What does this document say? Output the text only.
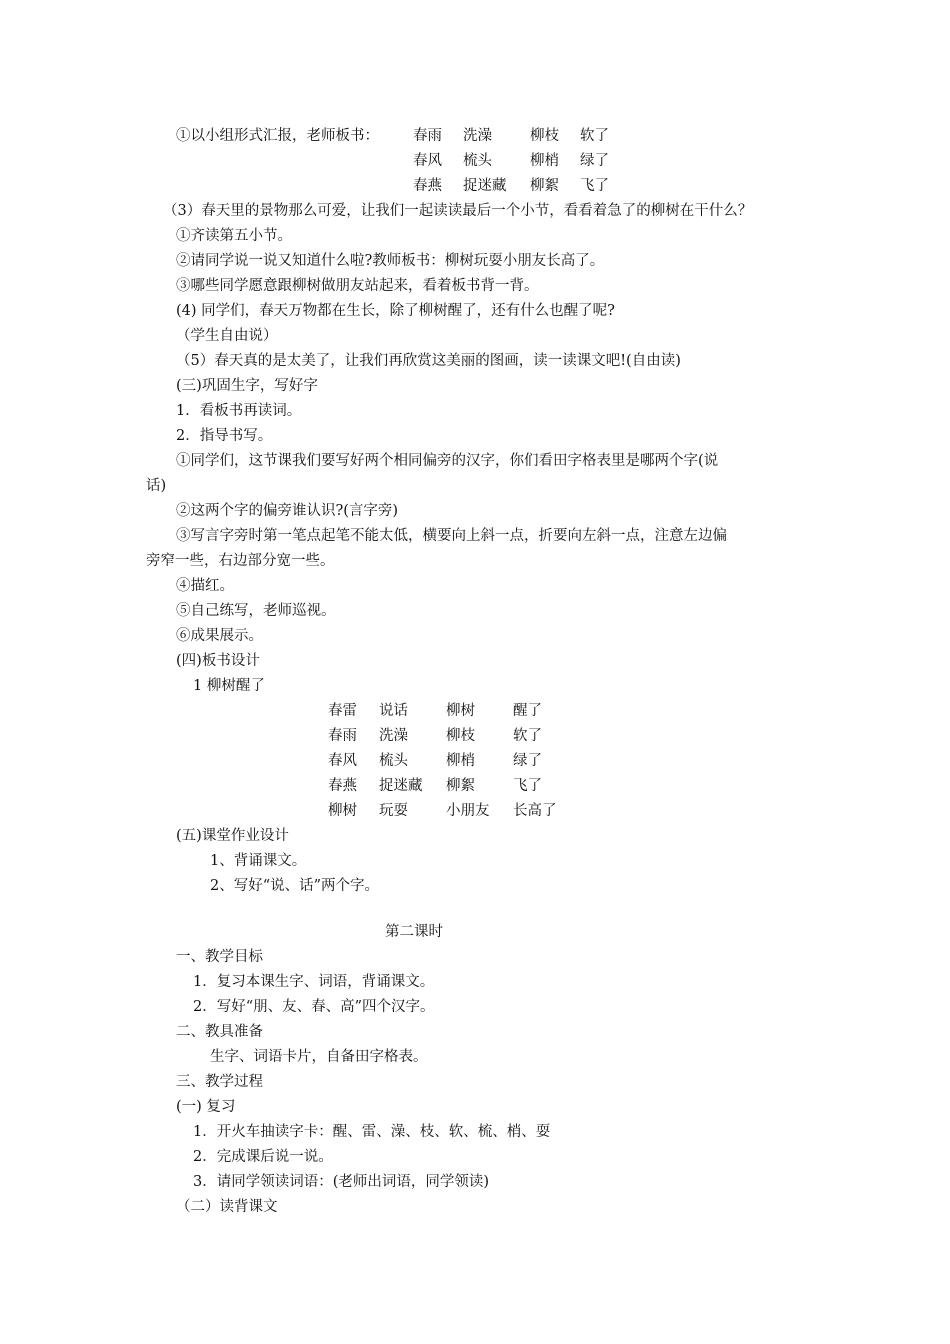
①以小组形式汇报，老师板书： 春雨 洗澡	柳枝 软了
春风 梳头	柳梢 绿了
春燕 捉迷藏 柳絮 飞了
（3）春天里的景物那么可爱，让我们一起读读最后一个小节，看看着急了的柳树在干什么？
①齐读第五小节。
②请同学说一说又知道什么啦?教师板书：柳树玩耍小朋友长高了。
③哪些同学愿意跟柳树做朋友站起来，看着板书背一背。
(4) 同学们，春天万物都在生长，除了柳树醒了，还有什么也醒了呢?
（学生自由说）
（5）春天真的是太美了，让我们再欣赏这美丽的图画，读一读课文吧!(自由读)
(三)巩固生字，写好字
1．看板书再读词。
2．指导书写。
①同学们，这节课我们要写好两个相同偏旁的汉字，你们看田字格表里是哪两个字(说
话)
②这两个字的偏旁谁认识?(言字旁)
③写言字旁时第一笔点起笔不能太低，横要向上斜一点，折要向左斜一点，注意左边偏
旁窄一些，右边部分宽一些。
④描红。
⑤自己练写，老师巡视。
⑥成果展示。
(四)板书设计
1 柳树醒了
春雷 说话	柳树	醒了
春雨 洗澡	柳枝	软了
春风 梳头	柳梢	绿了
春燕 捉迷藏 柳絮	飞了
柳树 玩耍	小朋友 长高了
(五)课堂作业设计
1、背诵课文。
2、写好“说、话”两个字。
第二课时
一、教学目标
1．复习本课生字、词语，背诵课文。
2．写好“朋、友、春、高”四个汉字。
二、教具准备
生字、词语卡片，自备田字格表。
三、教学过程
(一) 复习
1．开火车抽读字卡：醒、雷、澡、枝、软、梳、梢、耍
2．完成课后说一说。
3．请同学领读词语：(老师出词语，同学领读)
（二）读背课文
